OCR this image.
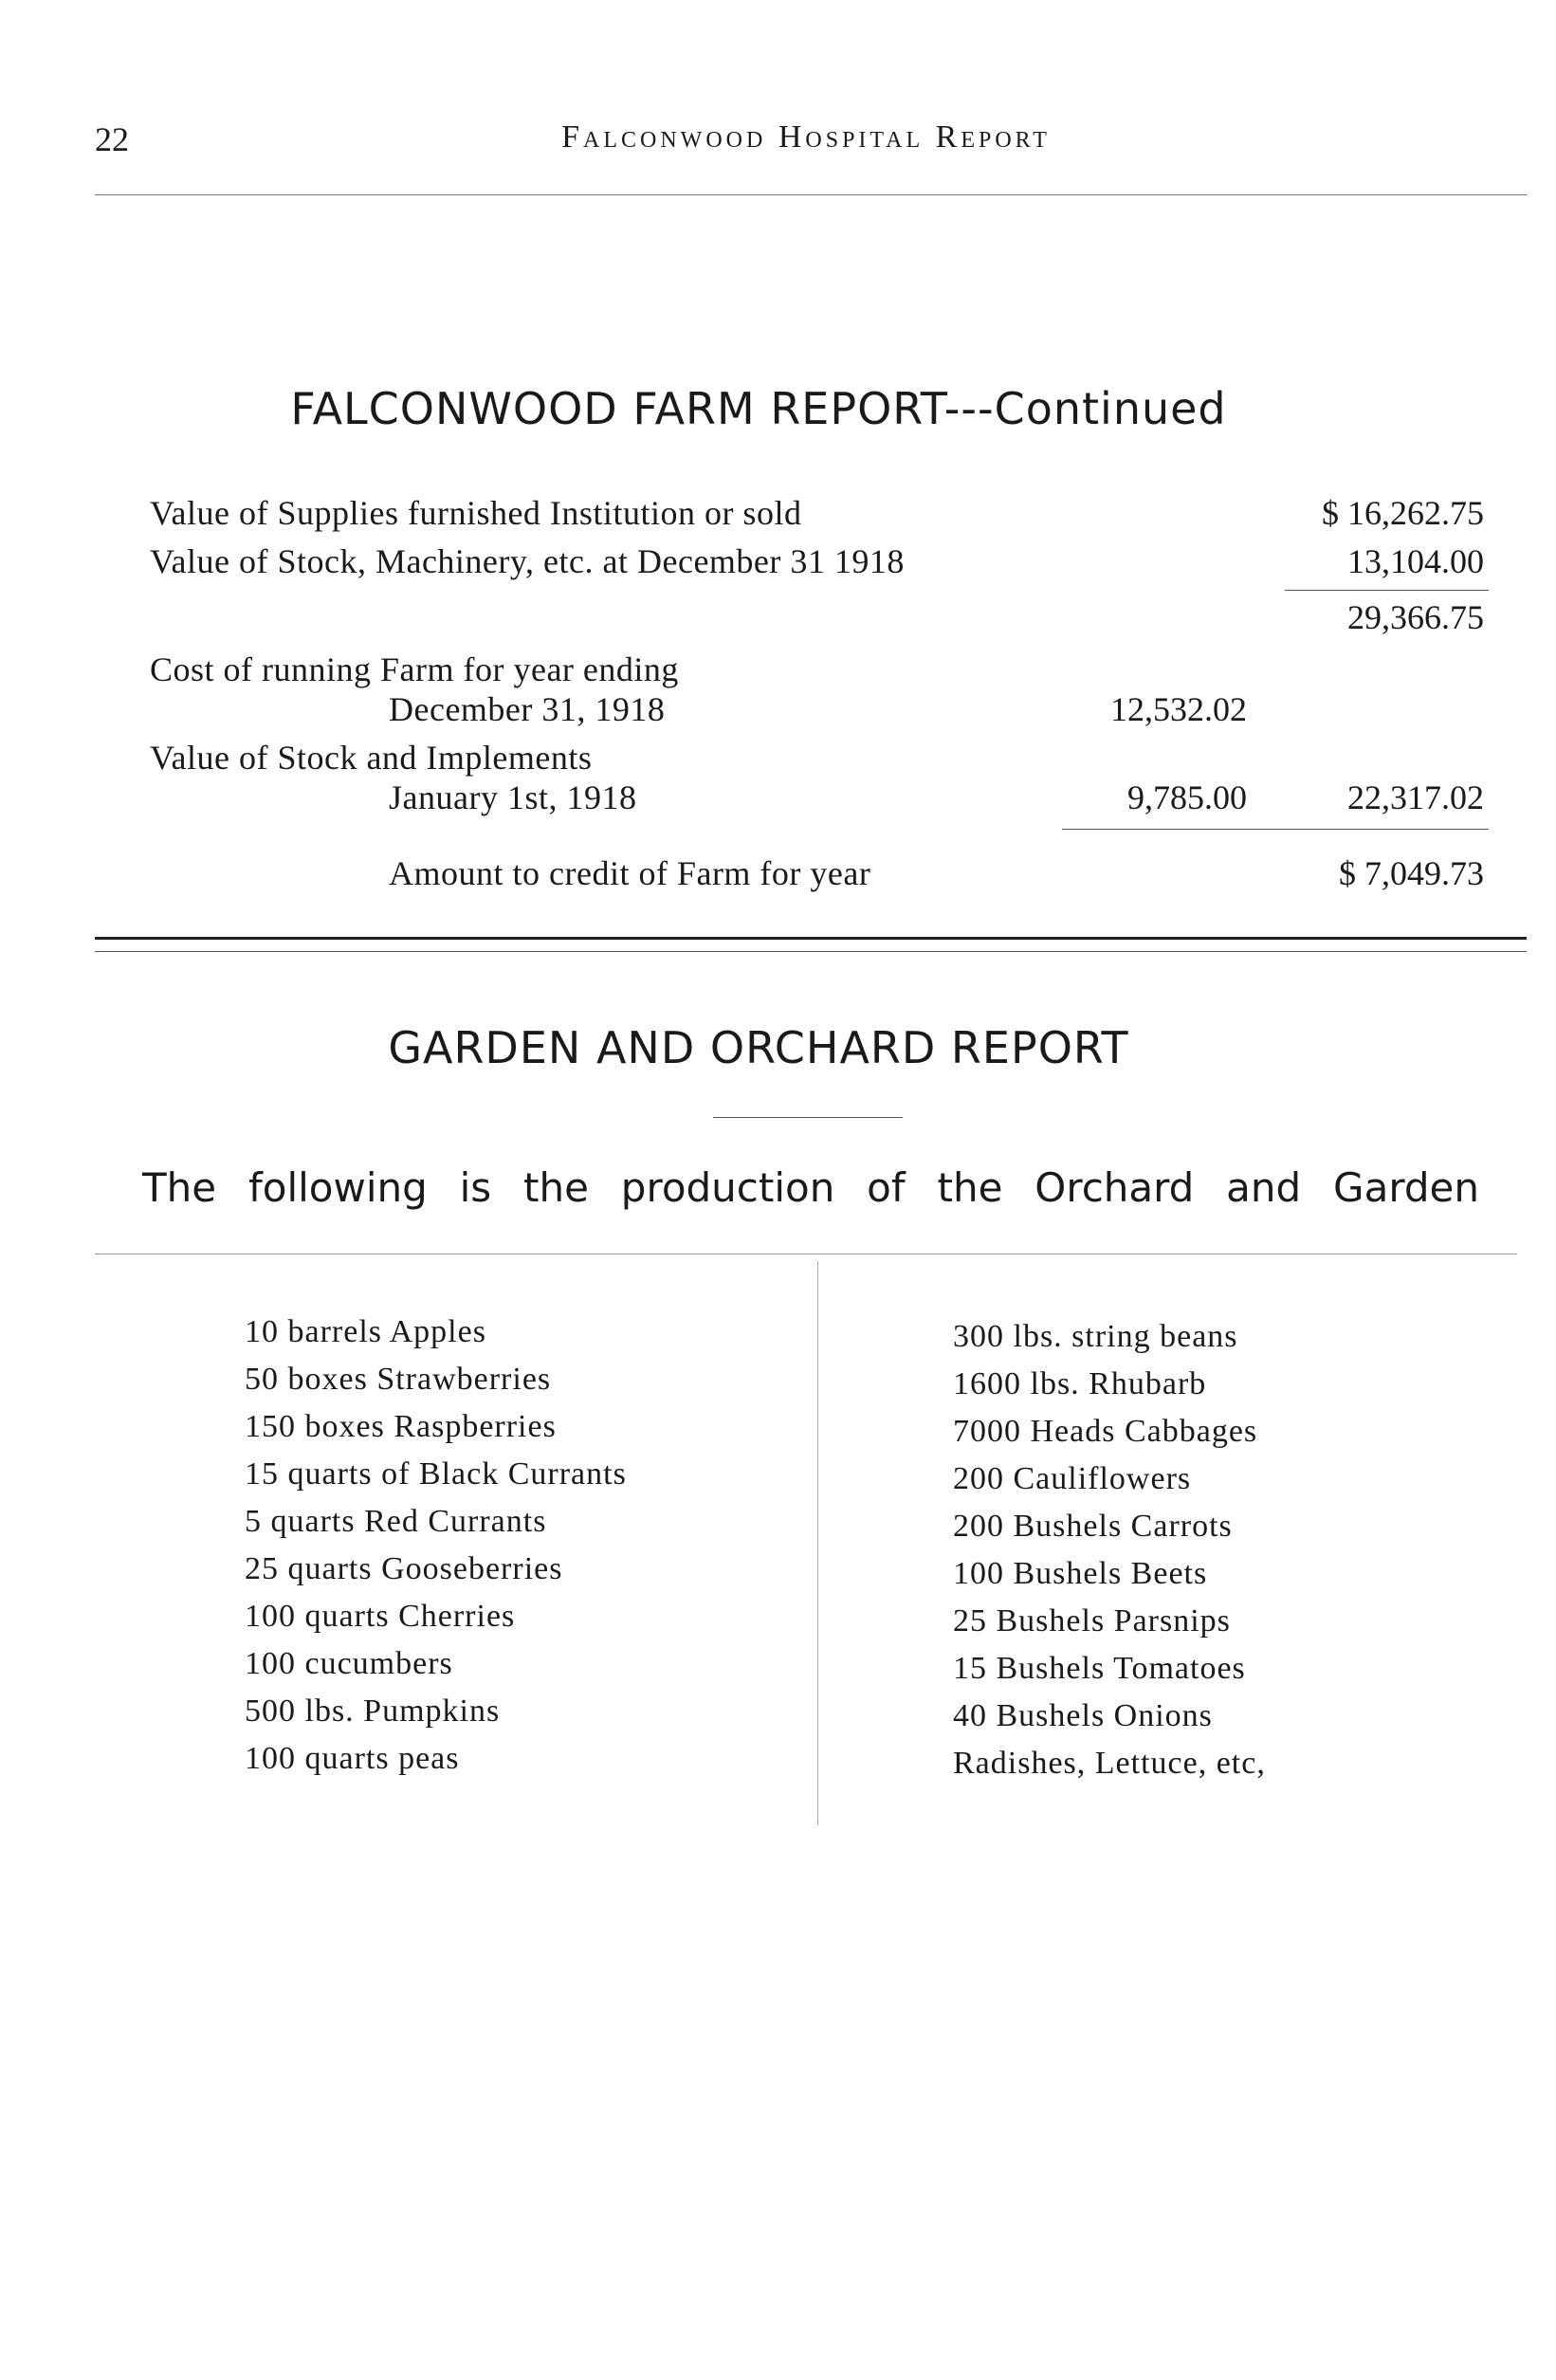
22	Falconwood Hospital Report
FALCONWOOD FARM REPORT---Continued
Value of Supplies furnished Institution or sold	$ 16,262.75
Value of Stock, Machinery, etc. at December 31 1918	13,104.00
29,366.75
Cost of running Farm for year ending
December 31, 1918	12,532.02
Value of Stock and Implements
January 1st, 1918	9,785.00	22,317.02
Amount to credit of Farm for year	$ 7,049.73
GARDEN AND ORCHARD REPORT
The following is the production of the Orchard and Garden
10 barrels Apples
50 boxes Strawberries
150 boxes Raspberries
15 quarts of Black Currants
5 quarts Red Currants
25 quarts Gooseberries
100 quarts Cherries
100 cucumbers
500 lbs. Pumpkins
100 quarts peas
300 lbs. string beans
1600 lbs. Rhubarb
7000 Heads Cabbages
200 Cauliflowers
200 Bushels Carrots
100 Bushels Beets
25 Bushels Parsnips
15 Bushels Tomatoes
40 Bushels Onions
Radishes, Lettuce, etc,
